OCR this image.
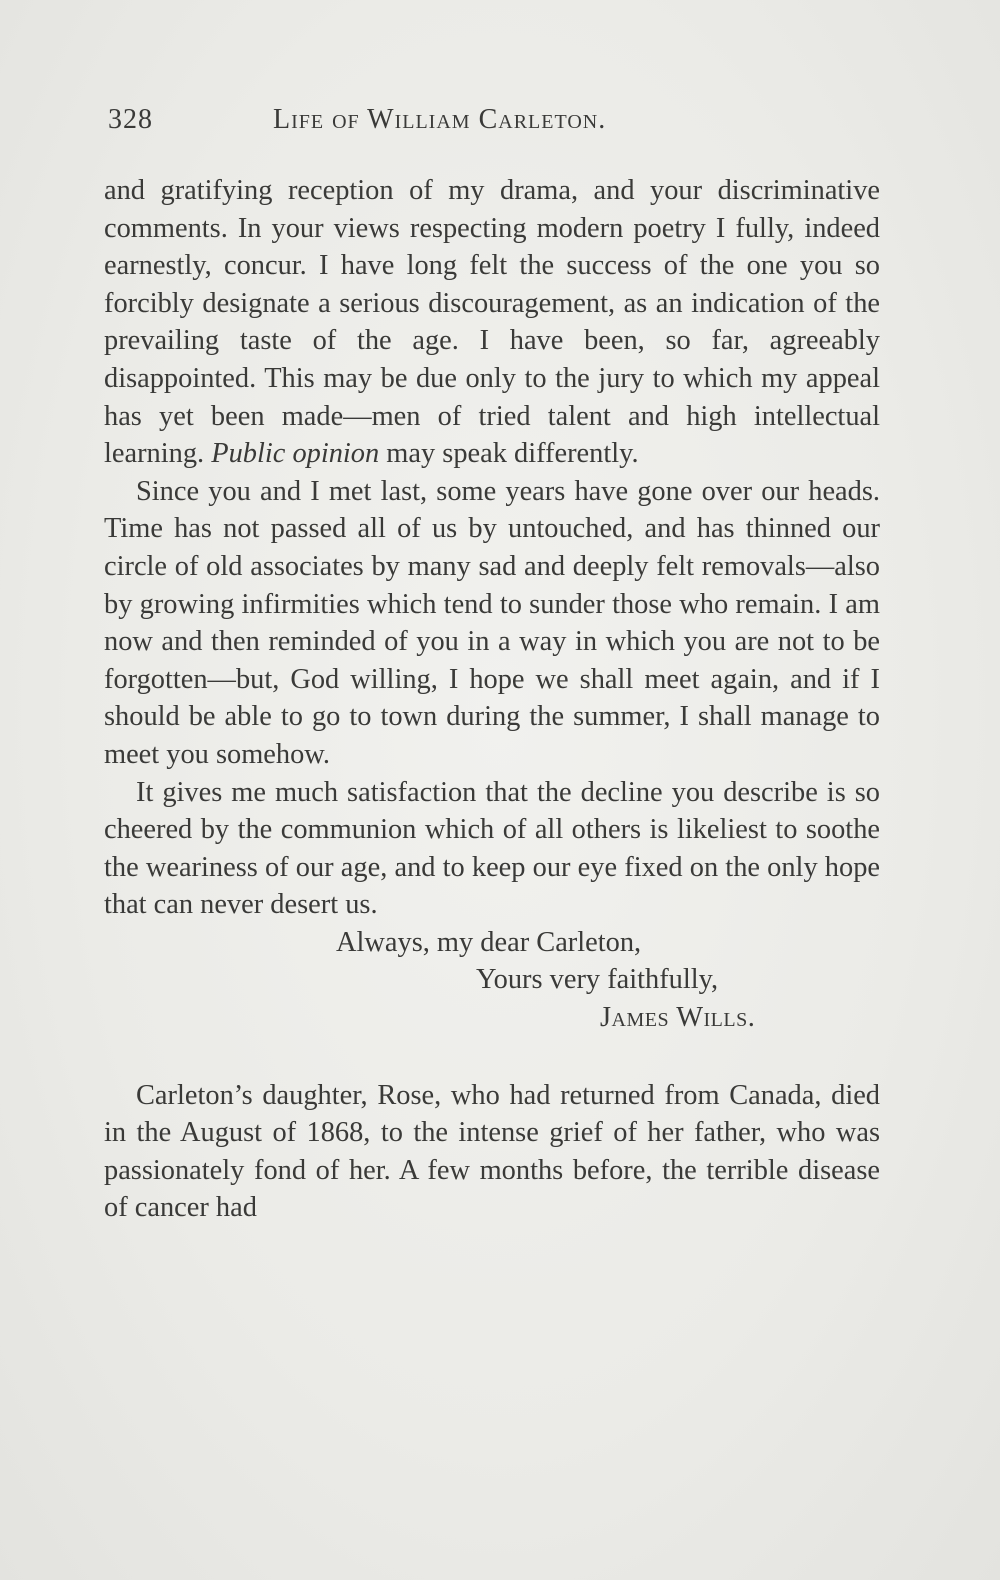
328	Life of William Carleton.

and gratifying reception of my drama, and your discriminative comments. In your views respecting modern poetry I fully, indeed earnestly, concur. I have long felt the success of the one you so forcibly designate a serious discouragement, as an indication of the prevailing taste of the age. I have been, so far, agreeably disappointed. This may be due only to the jury to which my appeal has yet been made—men of tried talent and high intellectual learning. Public opinion may speak differently.

Since you and I met last, some years have gone over our heads. Time has not passed all of us by untouched, and has thinned our circle of old associates by many sad and deeply felt removals—also by growing infirmities which tend to sunder those who remain. I am now and then reminded of you in a way in which you are not to be forgotten—but, God willing, I hope we shall meet again, and if I should be able to go to town during the summer, I shall manage to meet you somehow.

It gives me much satisfaction that the decline you describe is so cheered by the communion which of all others is likeliest to soothe the weariness of our age, and to keep our eye fixed on the only hope that can never desert us.

Always, my dear Carleton,
Yours very faithfully,
James Wills.

Carleton’s daughter, Rose, who had returned from Canada, died in the August of 1868, to the intense grief of her father, who was passionately fond of her. A few months before, the terrible disease of cancer had
